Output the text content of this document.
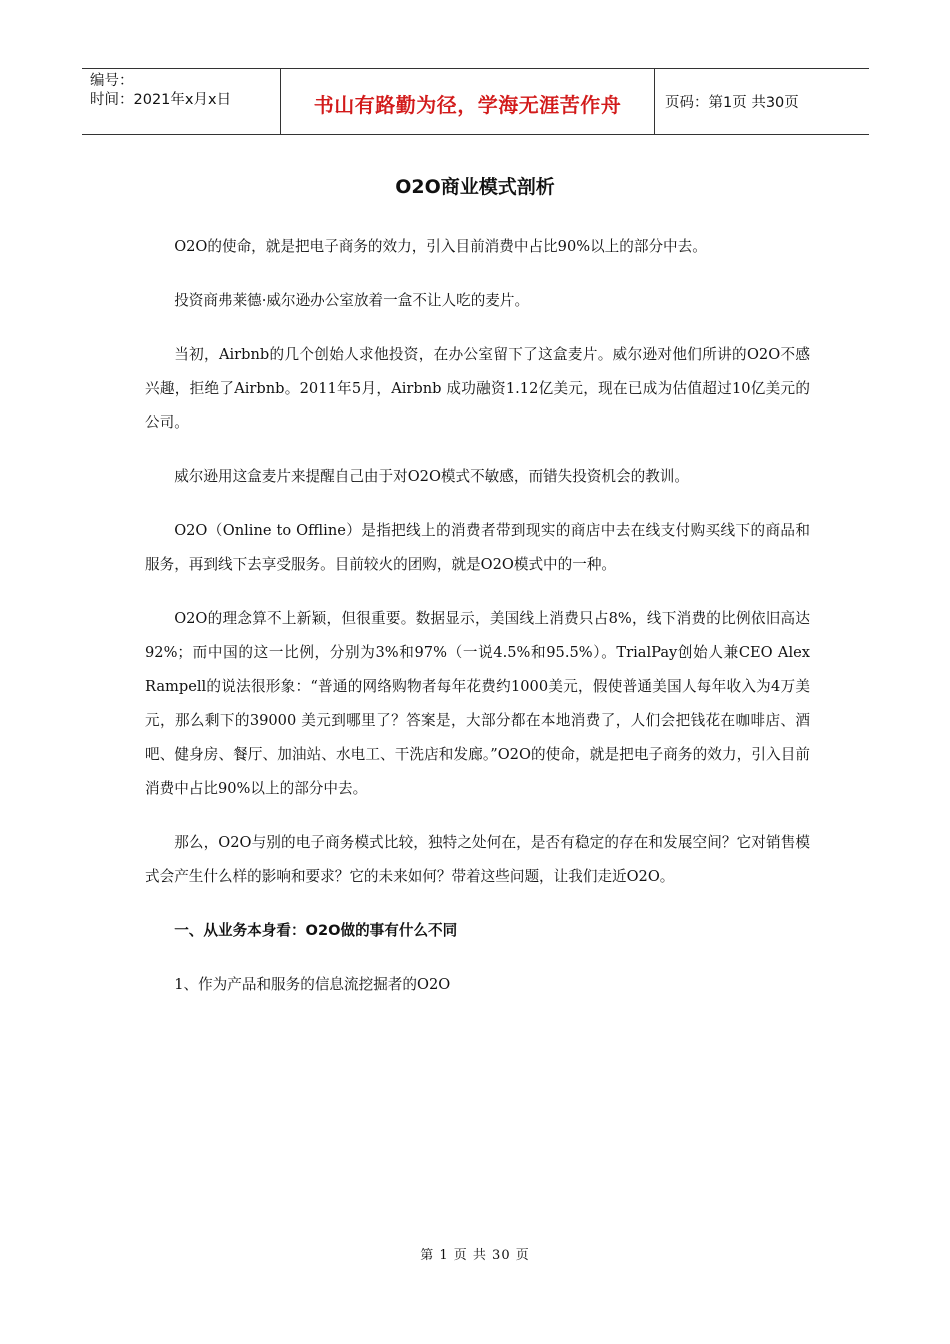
编号：
时间：2021年x月x日	书山有路勤为径，学海无涯苦作舟	页码：第1页 共30页
O2O商业模式剖析

O2O的使命，就是把电子商务的效力，引入目前消费中占比90%以上的部分中去。

投资商弗莱德·威尔逊办公室放着一盒不让人吃的麦片。

当初，Airbnb的几个创始人求他投资，在办公室留下了这盒麦片。威尔逊对他们所讲的O2O不感兴趣，拒绝了Airbnb。2011年5月，Airbnb 成功融资1.12亿美元，现在已成为估值超过10亿美元的公司。

威尔逊用这盒麦片来提醒自己由于对O2O模式不敏感，而错失投资机会的教训。

O2O（Online to Offline）是指把线上的消费者带到现实的商店中去在线支付购买线下的商品和服务，再到线下去享受服务。目前较火的团购，就是O2O模式中的一种。

O2O的理念算不上新颖，但很重要。数据显示，美国线上消费只占8%，线下消费的比例依旧高达92%；而中国的这一比例，分别为3%和97%（一说4.5%和95.5%）。TrialPay创始人兼CEO Alex Rampell的说法很形象：“普通的网络购物者每年花费约1000美元，假使普通美国人每年收入为4万美元，那么剩下的39000 美元到哪里了？答案是，大部分都在本地消费了，人们会把钱花在咖啡店、酒吧、健身房、餐厅、加油站、水电工、干洗店和发廊。”O2O的使命，就是把电子商务的效力，引入目前消费中占比90%以上的部分中去。

那么，O2O与别的电子商务模式比较，独特之处何在，是否有稳定的存在和发展空间？它对销售模式会产生什么样的影响和要求？它的未来如何？带着这些问题，让我们走近O2O。

一、从业务本身看：O2O做的事有什么不同

1、作为产品和服务的信息流挖掘者的O2O

第 1 页 共 30 页
